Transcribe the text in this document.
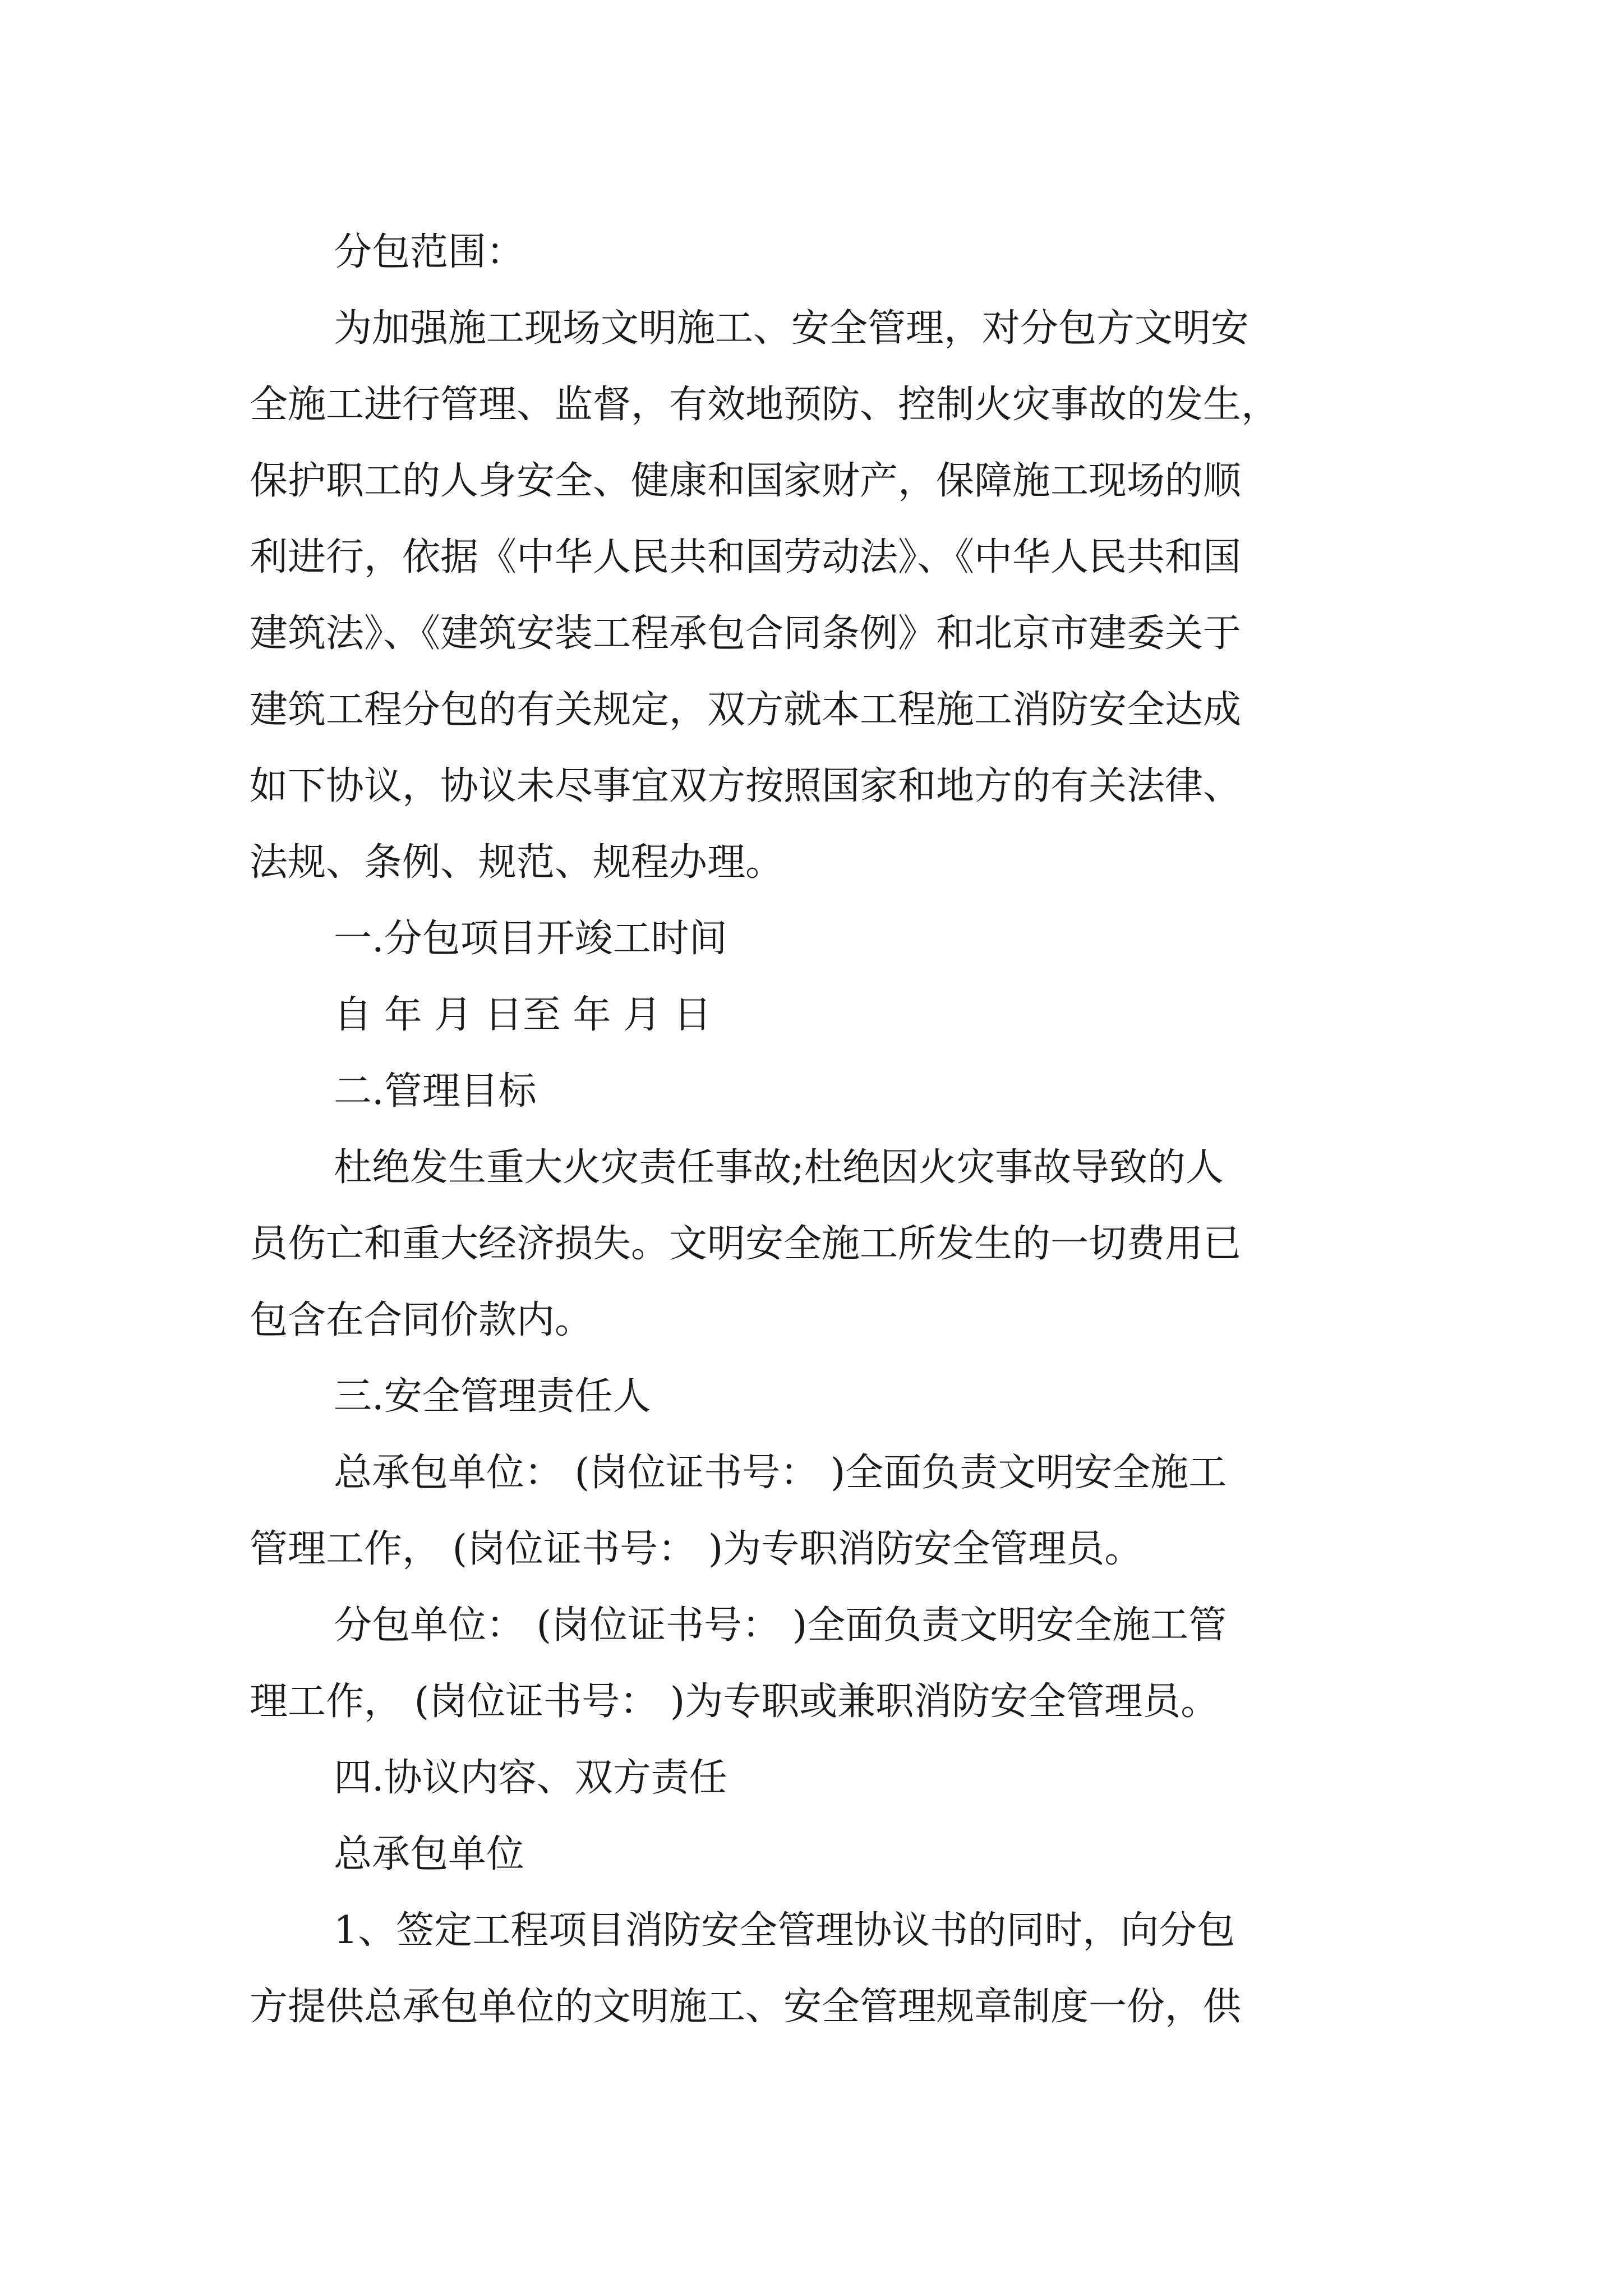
分包范围：
为加强施工现场文明施工、安全管理，对分包方文明安
全施工进行管理、监督，有效地预防、控制火灾事故的发生，
保护职工的人身安全、健康和国家财产，保障施工现场的顺
利进行，依据《中华人民共和国劳动法》、《中华人民共和国
建筑法》、《建筑安装工程承包合同条例》和北京市建委关于
建筑工程分包的有关规定，双方就本工程施工消防安全达成
如下协议，协议未尽事宜双方按照国家和地方的有关法律、
法规、条例、规范、规程办理。
一.分包项目开竣工时间
自 年 月 日至 年 月 日
二.管理目标
杜绝发生重大火灾责任事故;杜绝因火灾事故导致的人
员伤亡和重大经济损失。文明安全施工所发生的一切费用已
包含在合同价款内。
三.安全管理责任人
总承包单位： (岗位证书号： )全面负责文明安全施工
管理工作， (岗位证书号： )为专职消防安全管理员。
分包单位： (岗位证书号： )全面负责文明安全施工管
理工作， (岗位证书号： )为专职或兼职消防安全管理员。
四.协议内容、双方责任
总承包单位
1、签定工程项目消防安全管理协议书的同时，向分包
方提供总承包单位的文明施工、安全管理规章制度一份，供
